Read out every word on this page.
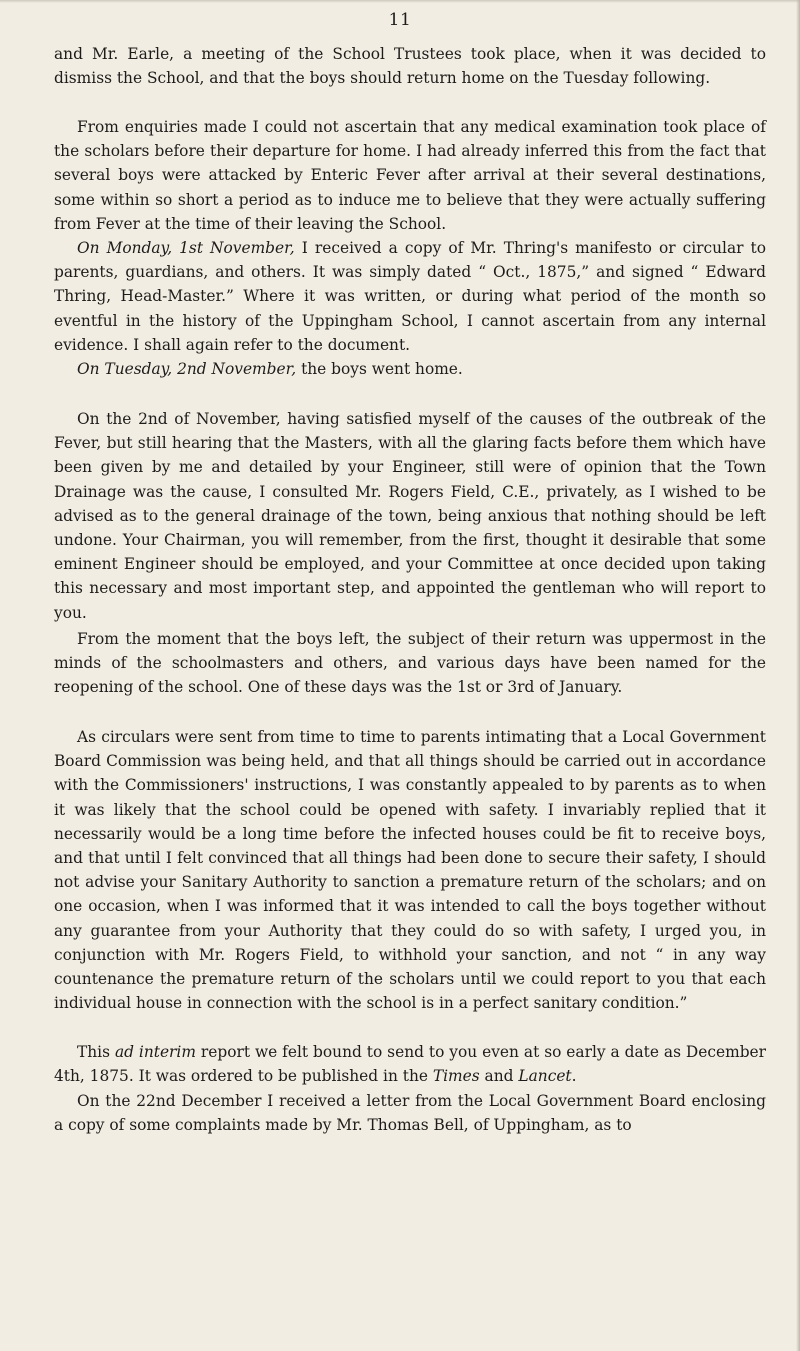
11

and Mr. Earle, a meeting of the School Trustees took place, when it was decided to dismiss the School, and that the boys should return home on the Tuesday following.

From enquiries made I could not ascertain that any medical examination took place of the scholars before their departure for home. I had already inferred this from the fact that several boys were attacked by Enteric Fever after arrival at their several destinations, some within so short a period as to induce me to believe that they were actually suffering from Fever at the time of their leaving the School.

On Monday, 1st November, I received a copy of Mr. Thring's manifesto or circular to parents, guardians, and others. It was simply dated “ Oct., 1875,” and signed “ Edward Thring, Head-Master.” Where it was written, or during what period of the month so eventful in the history of the Uppingham School, I cannot ascertain from any internal evidence. I shall again refer to the document.

On Tuesday, 2nd November, the boys went home.

On the 2nd of November, having satisfied myself of the causes of the outbreak of the Fever, but still hearing that the Masters, with all the glaring facts before them which have been given by me and detailed by your Engineer, still were of opinion that the Town Drainage was the cause, I consulted Mr. Rogers Field, C.E., privately, as I wished to be advised as to the general drainage of the town, being anxious that nothing should be left undone. Your Chairman, you will remember, from the first, thought it desirable that some eminent Engineer should be employed, and your Committee at once decided upon taking this necessary and most important step, and appointed the gentleman who will report to you.

From the moment that the boys left, the subject of their return was uppermost in the minds of the schoolmasters and others, and various days have been named for the reopening of the school. One of these days was the 1st or 3rd of January.

As circulars were sent from time to time to parents intimating that a Local Government Board Commission was being held, and that all things should be carried out in accordance with the Commissioners' instructions, I was constantly appealed to by parents as to when it was likely that the school could be opened with safety. I invariably replied that it necessarily would be a long time before the infected houses could be fit to receive boys, and that until I felt convinced that all things had been done to secure their safety, I should not advise your Sanitary Authority to sanction a premature return of the scholars; and on one occasion, when I was informed that it was intended to call the boys together without any guarantee from your Authority that they could do so with safety, I urged you, in conjunction with Mr. Rogers Field, to withhold your sanction, and not “ in any way countenance the premature return of the scholars until we could report to you that each individual house in connection with the school is in a perfect sanitary condition.”

This ad interim report we felt bound to send to you even at so early a date as December 4th, 1875. It was ordered to be published in the Times and Lancet.

On the 22nd December I received a letter from the Local Government Board enclosing a copy of some complaints made by Mr. Thomas Bell, of Uppingham, as to
